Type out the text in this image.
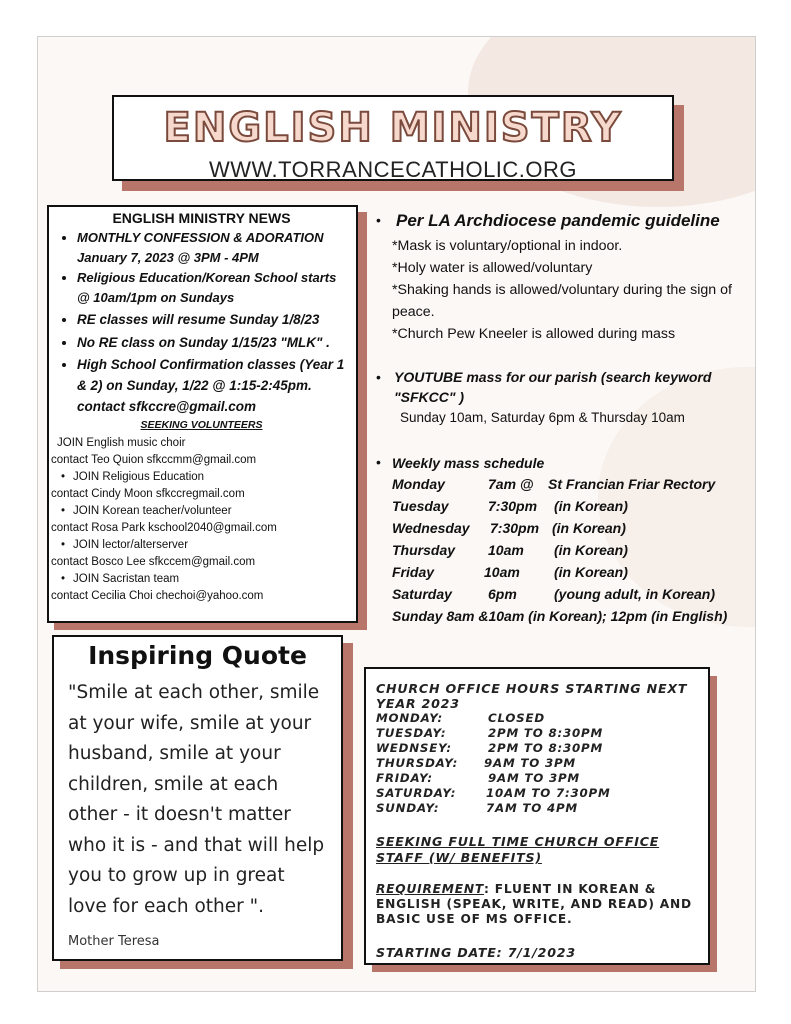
ENGLISH MINISTRY
WWW.TORRANCECATHOLIC.ORG
ENGLISH MINISTRY NEWS
• MONTHLY CONFESSION & ADORATION January 7, 2023 @ 3PM - 4PM
• Religious Education/Korean School starts @ 10am/1pm on Sundays
• RE classes will resume Sunday 1/8/23
• No RE class on Sunday 1/15/23 "MLK" .
• High School Confirmation classes (Year 1 & 2) on Sunday, 1/22 @ 1:15-2:45pm. contact sfkccre@gmail.com
SEEKING VOLUNTEERS
JOIN English music choir
contact Teo Quion sfkccmm@gmail.com
• JOIN Religious Education
contact Cindy Moon sfkccregmail.com
• JOIN Korean teacher/volunteer
contact Rosa Park kschool2040@gmail.com
• JOIN lector/alterserver
contact Bosco Lee sfkccem@gmail.com
• JOIN Sacristan team
contact Cecilia Choi chechoi@yahoo.com
• Per LA Archdiocese pandemic guideline
*Mask is voluntary/optional in indoor.
*Holy water is allowed/voluntary
*Shaking hands is allowed/voluntary during the sign of peace.
*Church Pew Kneeler is allowed during mass
• YOUTUBE mass for our parish (search keyword "SFKCC" )
Sunday 10am, Saturday 6pm & Thursday 10am
• Weekly mass schedule
Monday	7am @	St Francian Friar Rectory
Tuesday	7:30pm	(in Korean)
Wednesday	7:30pm (in Korean)
Thursday	10am	(in Korean)
Friday	10am	(in Korean)
Saturday	6pm	(young adult, in Korean)
Sunday 8am &10am (in Korean); 12pm (in English)
Inspiring Quote
"Smile at each other, smile at your wife, smile at your husband, smile at your children, smile at each other - it doesn't matter who it is - and that will help you to grow up in great love for each other ".
Mother Teresa
CHURCH OFFICE HOURS STARTING NEXT YEAR 2023
MONDAY:	CLOSED
TUESDAY:	2PM TO 8:30PM
WEDNSEY:	2PM TO 8:30PM
THURSDAY:	9AM TO 3PM
FRIDAY:	9AM TO 3PM
SATURDAY:	10AM TO 7:30PM
SUNDAY:	7AM TO 4PM
SEEKING FULL TIME CHURCH OFFICE STAFF (W/ BENEFITS)
REQUIREMENT: FLUENT IN KOREAN & ENGLISH (SPEAK, WRITE, AND READ) AND BASIC USE OF MS OFFICE.
STARTING DATE: 7/1/2023
